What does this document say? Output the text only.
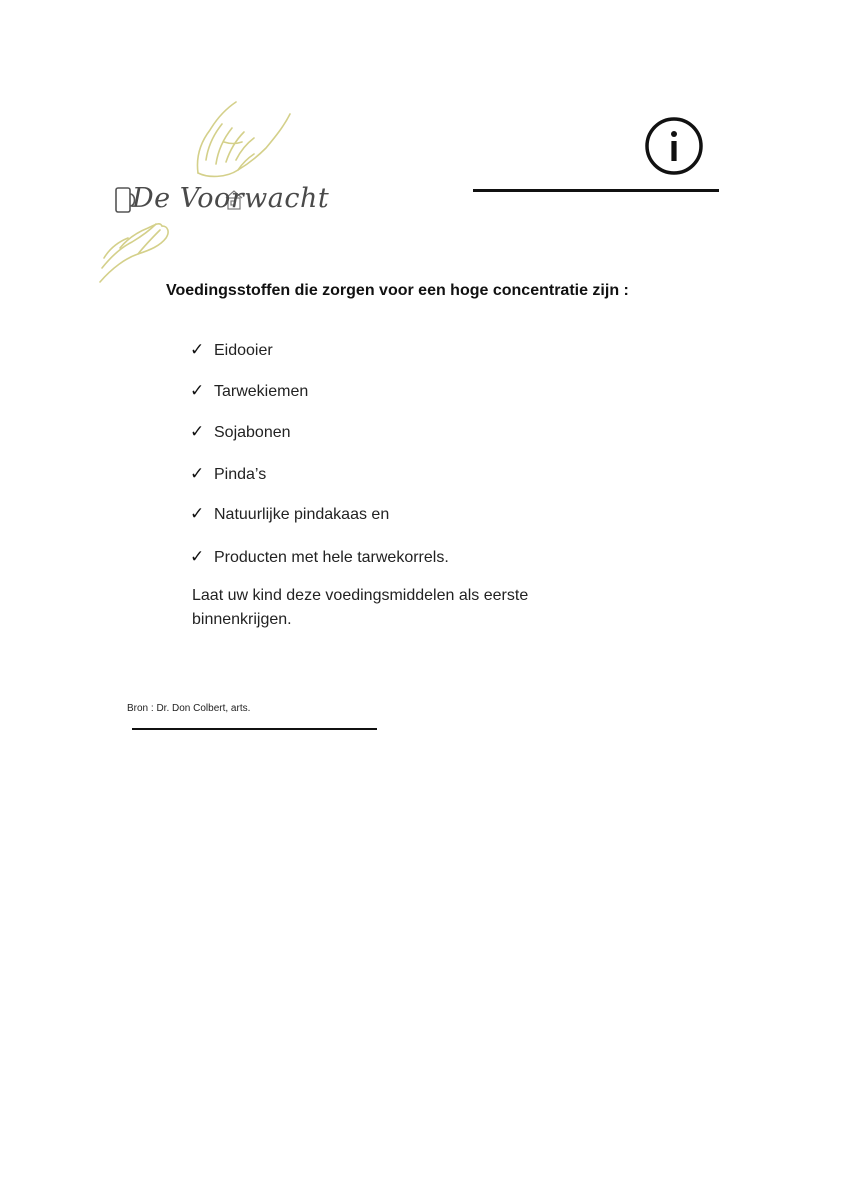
De Voorwacht
Voedingsstoffen die zorgen voor een hoge concentratie zijn :
✓ Eidooier
✓ Tarwekiemen
✓ Sojabonen
✓ Pinda’s
✓ Natuurlijke pindakaas en
✓ Producten met hele tarwekorrels.
Laat uw kind deze voedingsmiddelen als eerste binnenkrijgen.
Bron : Dr. Don Colbert, arts.
